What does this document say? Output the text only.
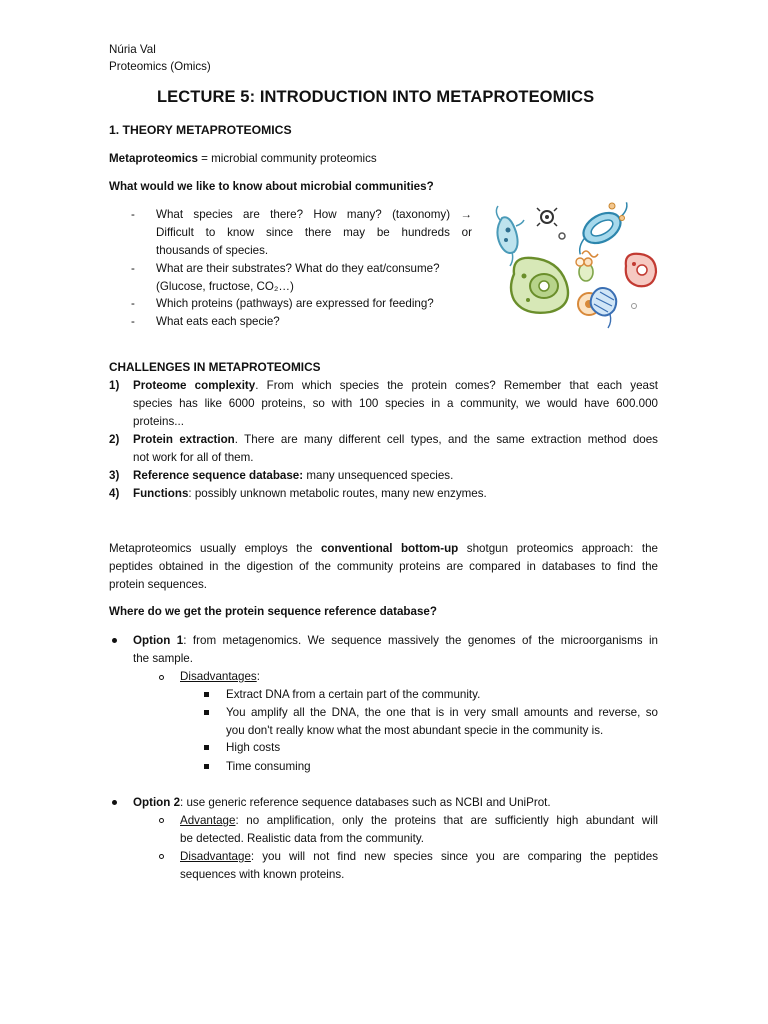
Núria Val
Proteomics (Omics)
LECTURE 5: INTRODUCTION INTO METAPROTEOMICS
1. THEORY METAPROTEOMICS
Metaproteomics = microbial community proteomics
What would we like to know about microbial communities?
- What species are there? How many? (taxonomy) →
Difficult to know since there may be hundreds or
thousands of species.
- What are their substrates? What do they eat/consume?
(Glucose, fructose, CO₂…)
- Which proteins (pathways) are expressed for feeding?
- What eats each specie?
CHALLENGES IN METAPROTEOMICS
1) Proteome complexity. From which species the protein comes? Remember that each yeast
species has like 6000 proteins, so with 100 species in a community, we would have 600.000
proteins...
2) Protein extraction. There are many different cell types, and the same extraction method does
not work for all of them.
3) Reference sequence database: many unsequenced species.
4) Functions: possibly unknown metabolic routes, many new enzymes.
Metaproteomics usually employs the conventional bottom-up shotgun proteomics approach: the
peptides obtained in the digestion of the community proteins are compared in databases to find the
protein sequences.
Where do we get the protein sequence reference database?
Option 1: from metagenomics. We sequence massively the genomes of the microorganisms in
the sample.
Disadvantages:
Extract DNA from a certain part of the community.
You amplify all the DNA, the one that is in very small amounts and reverse, so
you don't really know what the most abundant specie in the community is.
High costs
Time consuming
Option 2: use generic reference sequence databases such as NCBI and UniProt.
Advantage: no amplification, only the proteins that are sufficiently high abundant will
be detected. Realistic data from the community.
Disadvantage: you will not find new species since you are comparing the peptides
sequences with known proteins.
